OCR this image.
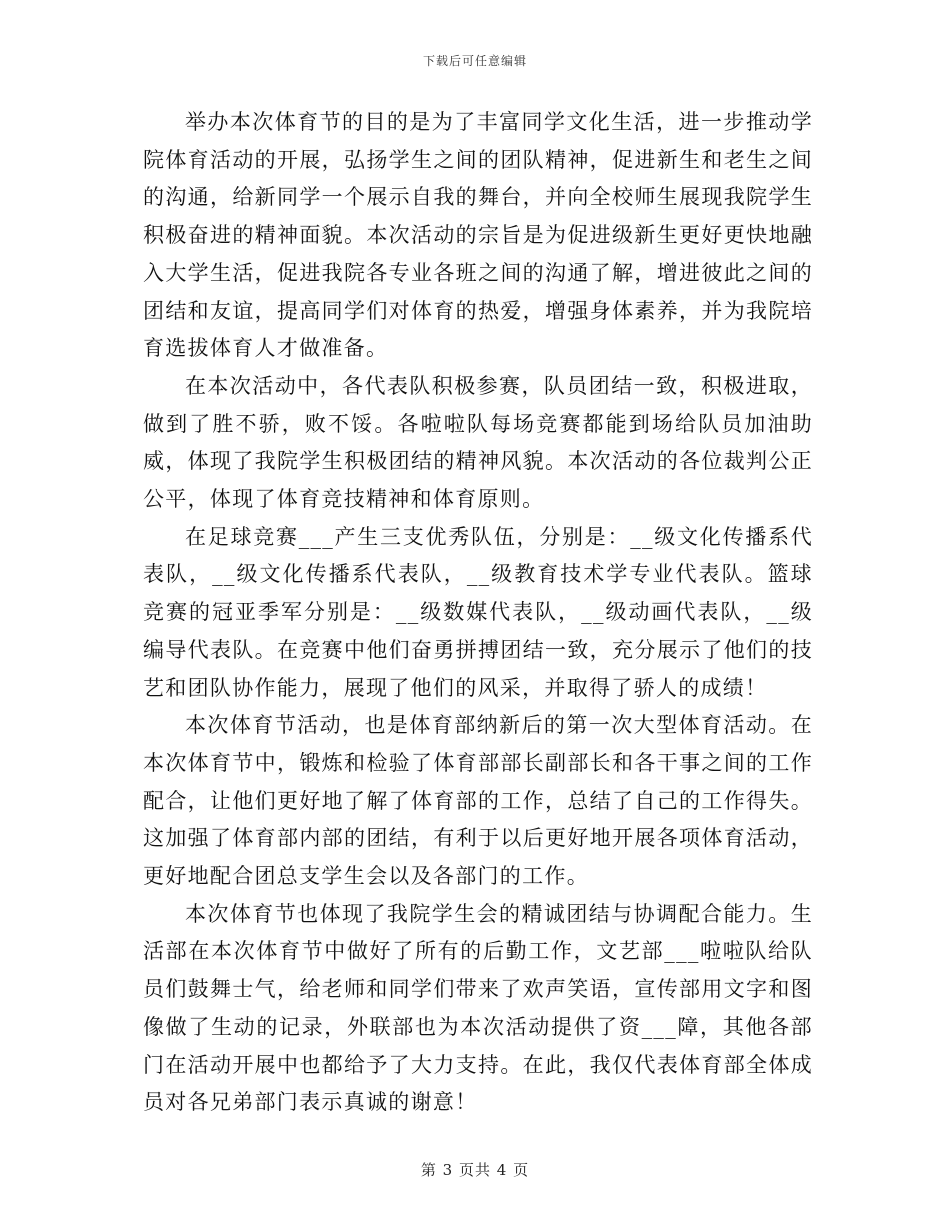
下载后可任意编辑

举办本次体育节的目的是为了丰富同学文化生活，进一步推动学院体育活动的开展，弘扬学生之间的团队精神，促进新生和老生之间的沟通，给新同学一个展示自我的舞台，并向全校师生展现我院学生积极奋进的精神面貌。本次活动的宗旨是为促进级新生更好更快地融入大学生活，促进我院各专业各班之间的沟通了解，增进彼此之间的团结和友谊，提高同学们对体育的热爱，增强身体素养，并为我院培育选拔体育人才做准备。

在本次活动中，各代表队积极参赛，队员团结一致，积极进取，做到了胜不骄，败不馁。各啦啦队每场竞赛都能到场给队员加油助威，体现了我院学生积极团结的精神风貌。本次活动的各位裁判公正公平，体现了体育竞技精神和体育原则。

在足球竞赛___产生三支优秀队伍，分别是：__级文化传播系代表队，__级文化传播系代表队，__级教育技术学专业代表队。篮球竞赛的冠亚季军分别是：__级数媒代表队，__级动画代表队，__级编导代表队。在竞赛中他们奋勇拼搏团结一致，充分展示了他们的技艺和团队协作能力，展现了他们的风采，并取得了骄人的成绩！

本次体育节活动，也是体育部纳新后的第一次大型体育活动。在本次体育节中，锻炼和检验了体育部部长副部长和各干事之间的工作配合，让他们更好地了解了体育部的工作，总结了自己的工作得失。这加强了体育部内部的团结，有利于以后更好地开展各项体育活动，更好地配合团总支学生会以及各部门的工作。

本次体育节也体现了我院学生会的精诚团结与协调配合能力。生活部在本次体育节中做好了所有的后勤工作，文艺部___啦啦队给队员们鼓舞士气，给老师和同学们带来了欢声笑语，宣传部用文字和图像做了生动的记录，外联部也为本次活动提供了资___障，其他各部门在活动开展中也都给予了大力支持。在此，我仅代表体育部全体成员对各兄弟部门表示真诚的谢意！

第 3 页共 4 页
